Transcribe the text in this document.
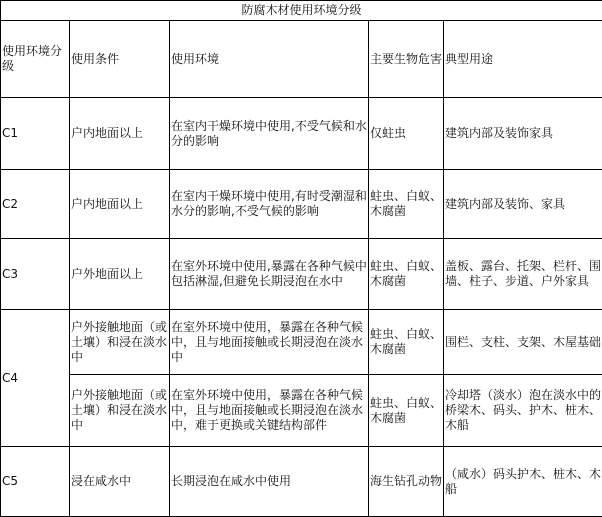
防腐木材使用环境分级				
使用环境分级	使用条件	使用环境	主要生物危害	典型用途
C1	户内地面以上	在室内干燥环境中使用,不受气候和水分的影响	仅蛀虫	建筑内部及装饰家具
C2	户内地面以上	在室内干燥环境中使用,有时受潮湿和水分的影响,不受气候的影响	蛀虫、白蚁、木腐菌	建筑内部及装饰、家具
C3	户外地面以上	在室外环境中使用,暴露在各种气候中包括淋湿,但避免长期浸泡在水中	蛀虫、白蚁、木腐菌	盖板、露台、托架、栏杆、围墙、柱子、步道、户外家具
C4	户外接触地面（或土壤）和浸在淡水中	在室外环境中使用，暴露在各种气候中，且与地面接触或长期浸泡在淡水中	蛀虫、白蚁、木腐菌	围栏、支柱、支架、木屋基础
	户外接触地面（或土壤）和浸在淡水中	在室外环境中使用，暴露在各种气候中，且与地面接触或长期浸泡在淡水中，难于更换或关键结构部件	蛀虫、白蚁、木腐菌	冷却塔（淡水）泡在淡水中的桥梁木、码头、护木、桩木、木船
C5	浸在咸水中	长期浸泡在咸水中使用	海生钻孔动物	（咸水）码头护木、桩木、木船
